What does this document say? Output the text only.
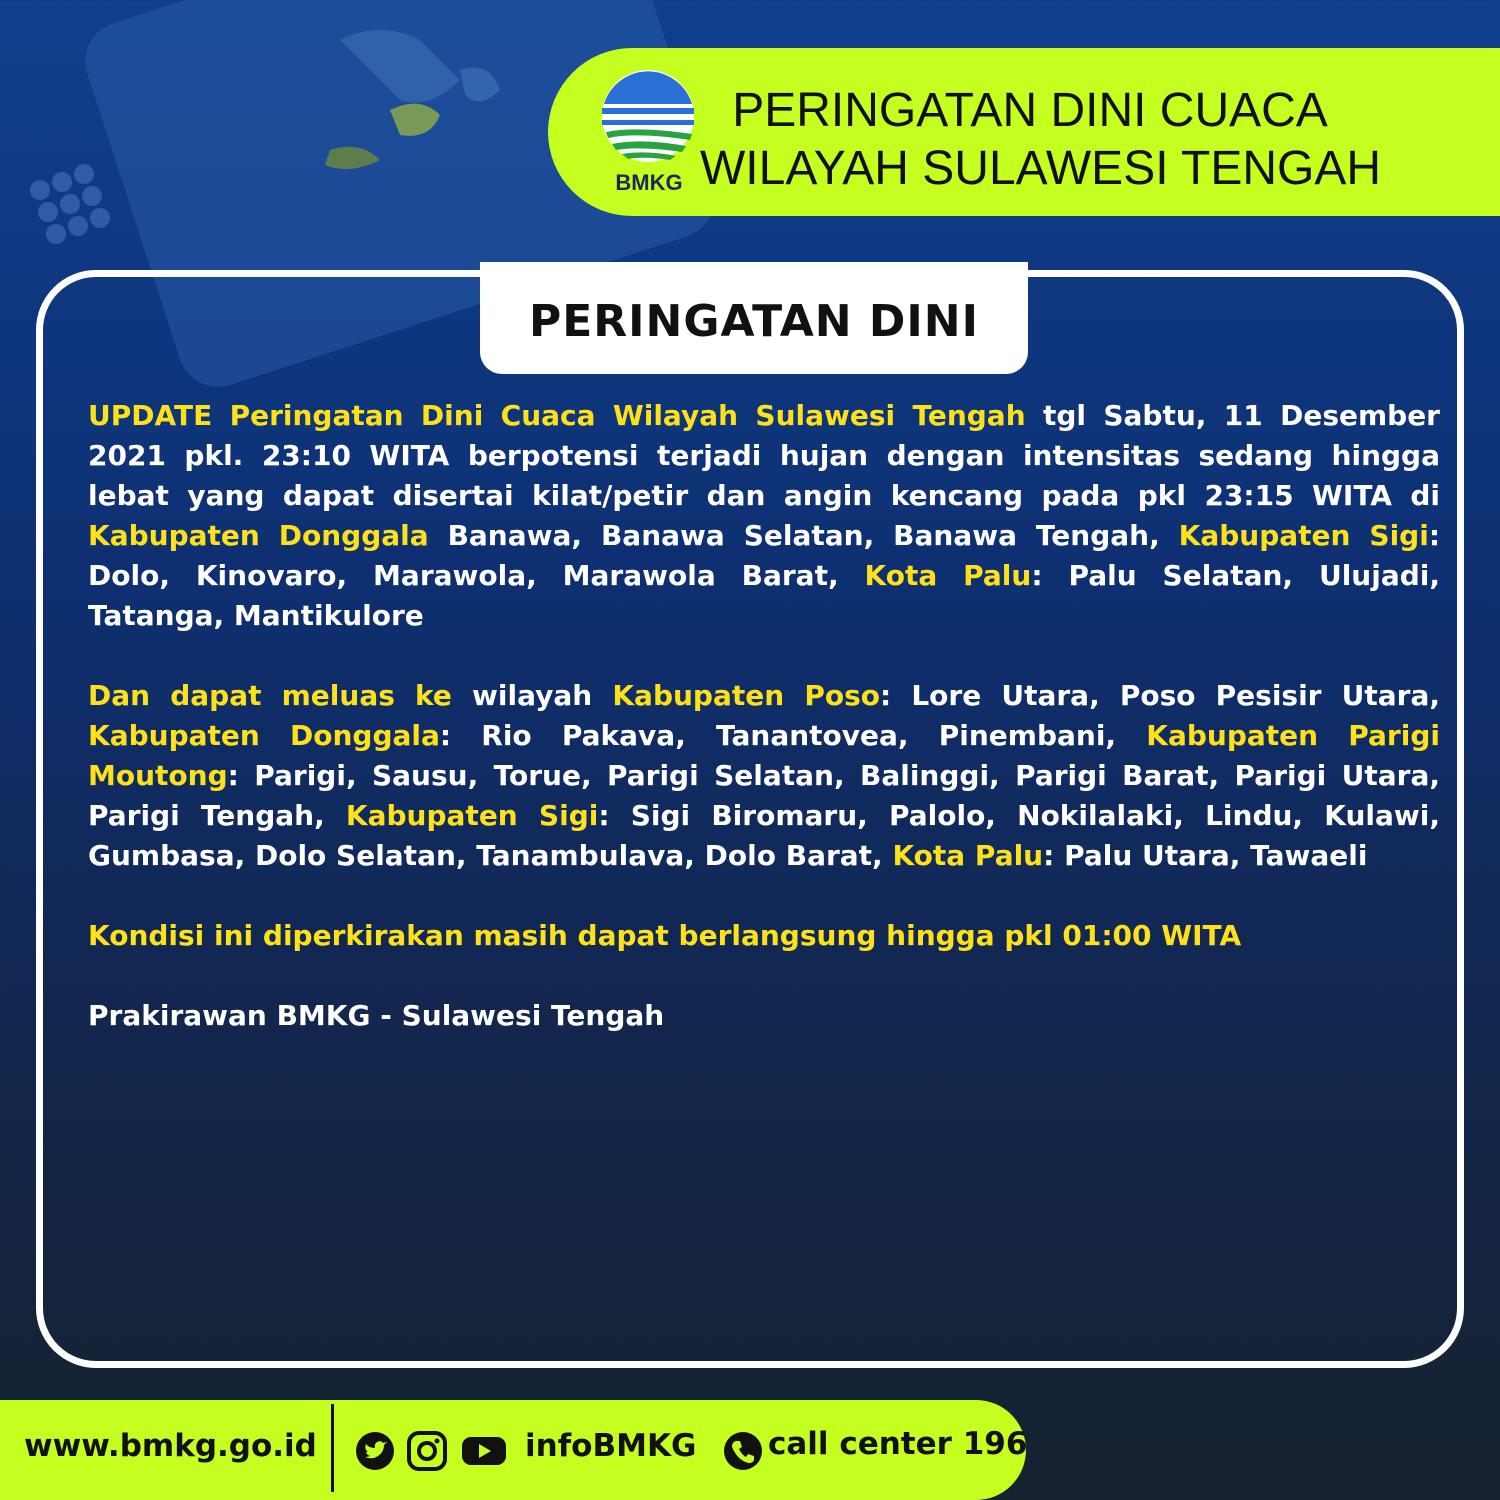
BMKG
PERINGATAN DINI CUACA
WILAYAH SULAWESI TENGAH
PERINGATAN DINI

UPDATE Peringatan Dini Cuaca Wilayah Sulawesi Tengah tgl Sabtu, 11 Desember 2021 pkl. 23:10 WITA berpotensi terjadi hujan dengan intensitas sedang hingga lebat yang dapat disertai kilat/petir dan angin kencang pada pkl 23:15 WITA di Kabupaten Donggala Banawa, Banawa Selatan, Banawa Tengah, Kabupaten Sigi: Dolo, Kinovaro, Marawola, Marawola Barat, Kota Palu: Palu Selatan, Ulujadi, Tatanga, Mantikulore

Dan dapat meluas ke wilayah Kabupaten Poso: Lore Utara, Poso Pesisir Utara, Kabupaten Donggala: Rio Pakava, Tanantovea, Pinembani, Kabupaten Parigi Moutong: Parigi, Sausu, Torue, Parigi Selatan, Balinggi, Parigi Barat, Parigi Utara, Parigi Tengah, Kabupaten Sigi: Sigi Biromaru, Palolo, Nokilalaki, Lindu, Kulawi, Gumbasa, Dolo Selatan, Tanambulava, Dolo Barat, Kota Palu: Palu Utara, Tawaeli

Kondisi ini diperkirakan masih dapat berlangsung hingga pkl 01:00 WITA

Prakirawan BMKG - Sulawesi Tengah

www.bmkg.go.id	infoBMKG call center 196
